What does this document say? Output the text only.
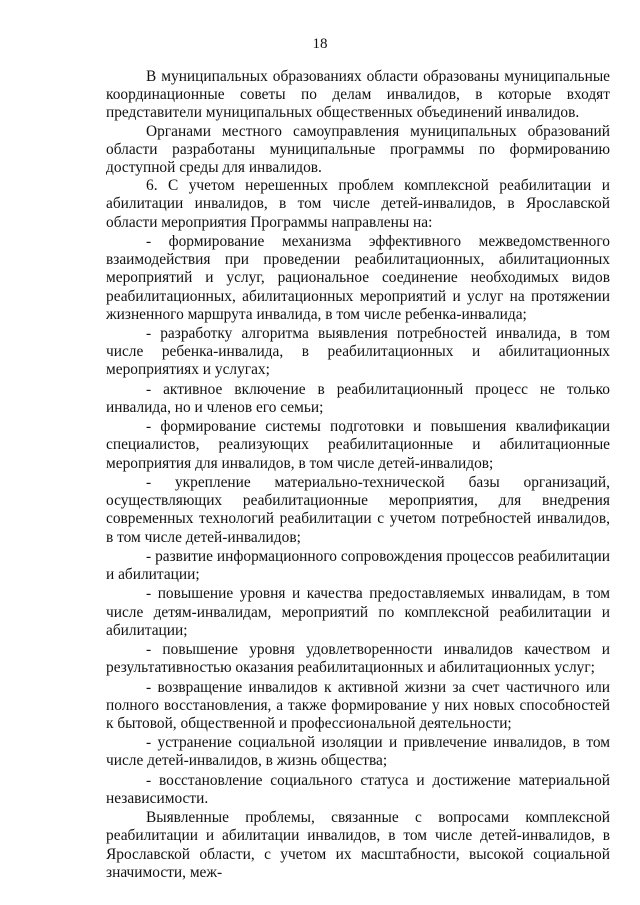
18

В муниципальных образованиях области образованы муниципальные координационные советы по делам инвалидов, в которые входят представители муниципальных общественных объединений инвалидов.

Органами местного самоуправления муниципальных образований области разработаны муниципальные программы по формированию доступной среды для инвалидов.

6. С учетом нерешенных проблем комплексной реабилитации и абилитации инвалидов, в том числе детей-инвалидов, в Ярославской области мероприятия Программы направлены на:

- формирование механизма эффективного межведомственного взаимодействия при проведении реабилитационных, абилитационных мероприятий и услуг, рациональное соединение необходимых видов реабилитационных, абилитационных мероприятий и услуг на протяжении жизненного маршрута инвалида, в том числе ребенка-инвалида;

- разработку алгоритма выявления потребностей инвалида, в том числе ребенка-инвалида, в реабилитационных и абилитационных мероприятиях и услугах;

- активное включение в реабилитационный процесс не только инвалида, но и членов его семьи;

- формирование системы подготовки и повышения квалификации специалистов, реализующих реабилитационные и абилитационные мероприятия для инвалидов, в том числе детей-инвалидов;

- укрепление материально-технической базы организаций, осуществляющих реабилитационные мероприятия, для внедрения современных технологий реабилитации с учетом потребностей инвалидов, в том числе детей-инвалидов;

- развитие информационного сопровождения процессов реабилитации и абилитации;

- повышение уровня и качества предоставляемых инвалидам, в том числе детям-инвалидам, мероприятий по комплексной реабилитации и абилитации;

- повышение уровня удовлетворенности инвалидов качеством и результативностью оказания реабилитационных и абилитационных услуг;

- возвращение инвалидов к активной жизни за счет частичного или полного восстановления, а также формирование у них новых способностей к бытовой, общественной и профессиональной деятельности;

- устранение социальной изоляции и привлечение инвалидов, в том числе детей-инвалидов, в жизнь общества;

- восстановление социального статуса и достижение материальной независимости.

Выявленные проблемы, связанные с вопросами комплексной реабилитации и абилитации инвалидов, в том числе детей-инвалидов, в Ярославской области, с учетом их масштабности, высокой социальной значимости, меж-
